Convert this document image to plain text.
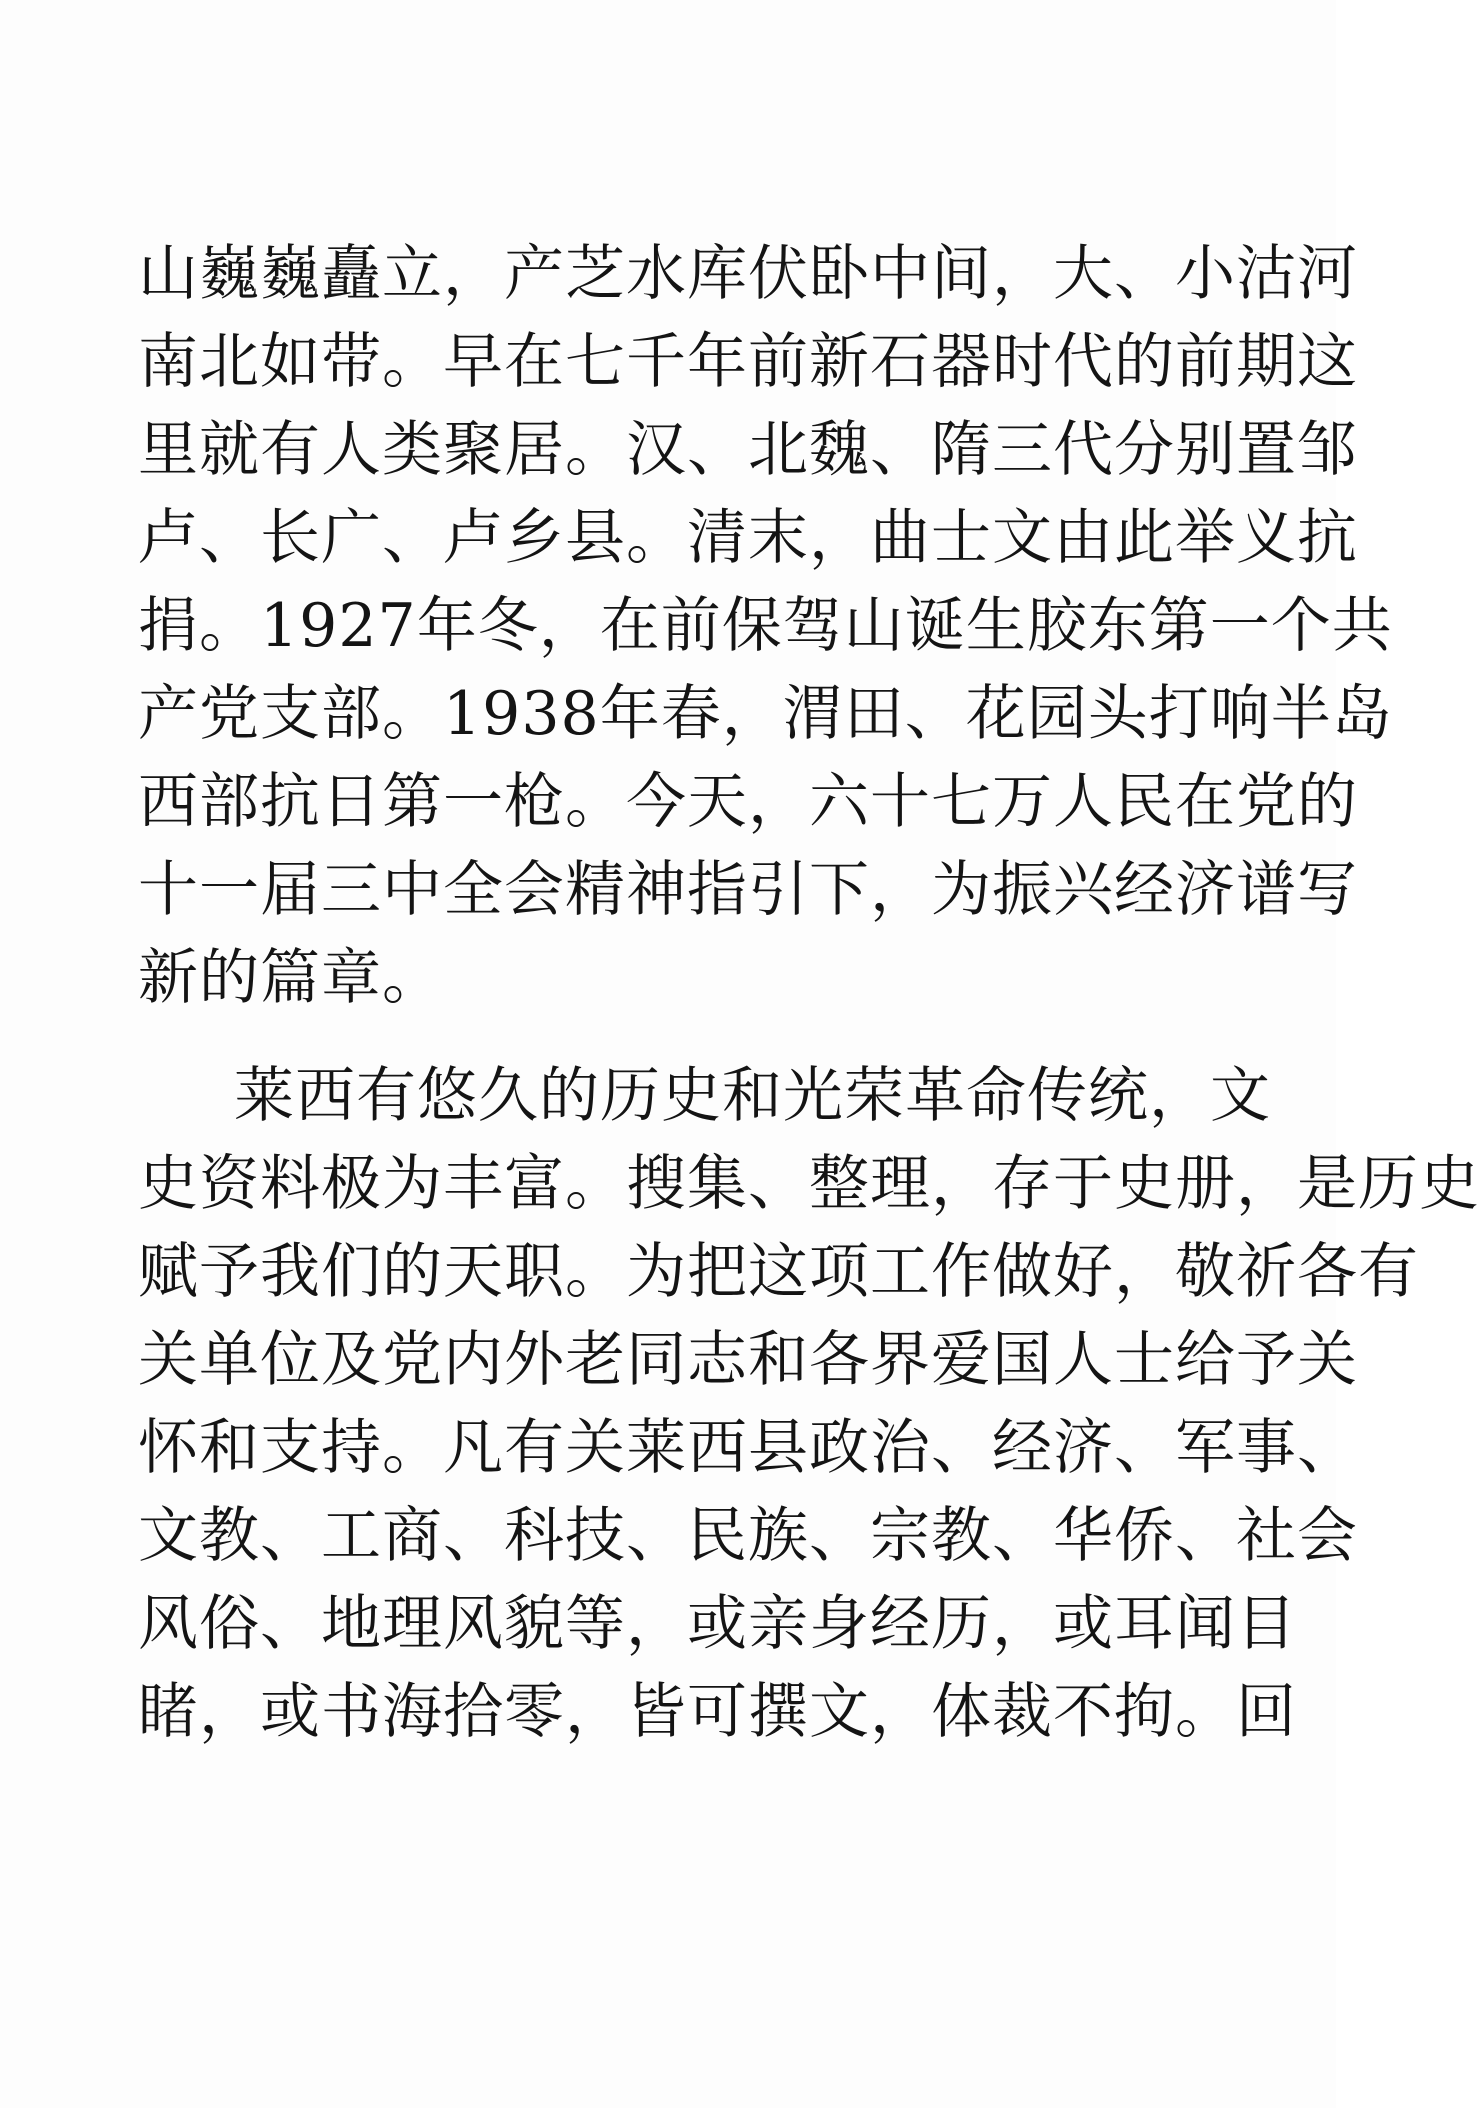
山巍巍矗立，产芝水库伏卧中间，大、小沽河
南北如带。早在七千年前新石器时代的前期这
里就有人类聚居。汉、北魏、隋三代分别置邹
卢、长广、卢乡县。清末，曲士文由此举义抗
捐。1927年冬，在前保驾山诞生胶东第一个共
产党支部。1938年春，渭田、花园头打响半岛
西部抗日第一枪。今天，六十七万人民在党的
十一届三中全会精神指引下，为振兴经济谱写
新的篇章。
莱西有悠久的历史和光荣革命传统，文
史资料极为丰富。搜集、整理，存于史册，是历史
赋予我们的天职。为把这项工作做好，敬祈各有
关单位及党内外老同志和各界爱国人士给予关
怀和支持。凡有关莱西县政治、经济、军事、
文教、工商、科技、民族、宗教、华侨、社会
风俗、地理风貌等，或亲身经历，或耳闻目
睹，或书海拾零，皆可撰文，体裁不拘。回
